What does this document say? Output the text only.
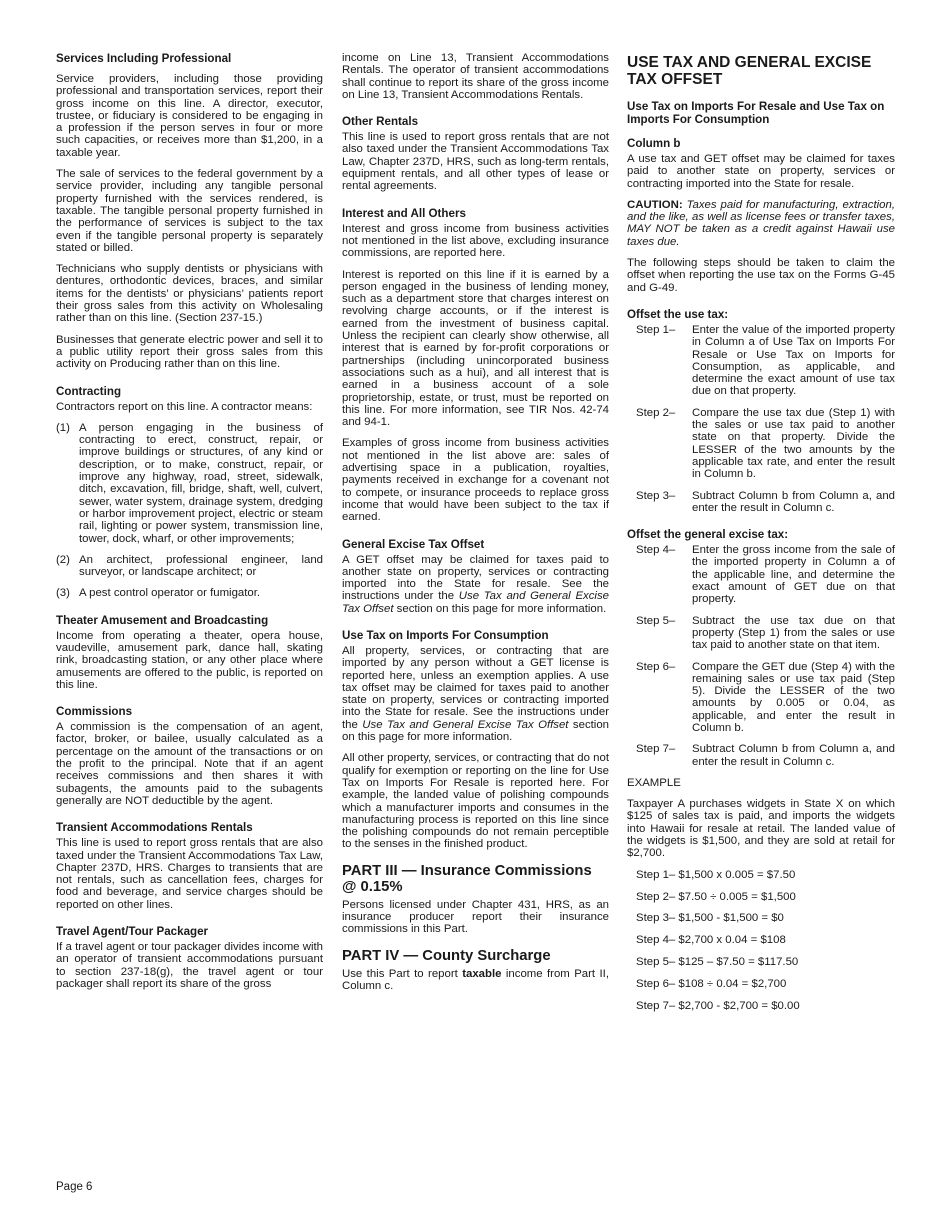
Services Including Professional

Service providers, including those providing professional and transportation services, report their gross income on this line. A director, executor, trustee, or fiduciary is considered to be engaging in a profession if the person serves in four or more such capacities, or receives more than $1,200, in a taxable year.

The sale of services to the federal government by a service provider, including any tangible personal property furnished with the services rendered, is taxable. The tangible personal property furnished in the performance of services is subject to the tax even if the tangible personal property is separately stated or billed.

Technicians who supply dentists or physicians with dentures, orthodontic devices, braces, and similar items for the dentists’ or physicians’ patients report their gross sales from this activity on Wholesaling rather than on this line. (Section 237-15.)

Businesses that generate electric power and sell it to a public utility report their gross sales from this activity on Producing rather than on this line.

Contracting

Contractors report on this line. A contractor means:

(1) A person engaging in the business of contracting to erect, construct, repair, or improve buildings or structures, of any kind or description, or to make, construct, repair, or improve any highway, road, street, sidewalk, ditch, excavation, fill, bridge, shaft, well, culvert, sewer, water system, drainage system, dredging or harbor improvement project, electric or steam rail, lighting or power system, transmission line, tower, dock, wharf, or other improvements;
(2) An architect, professional engineer, land surveyor, or landscape architect; or
(3) A pest control operator or fumigator.
Theater Amusement and Broadcasting

Income from operating a theater, opera house, vaudeville, amusement park, dance hall, skating rink, broadcasting station, or any other place where amusements are offered to the public, is reported on this line.

Commissions

A commission is the compensation of an agent, factor, broker, or bailee, usually calculated as a percentage on the amount of the transactions or on the profit to the principal. Note that if an agent receives commissions and then shares it with subagents, the amounts paid to the subagents generally are NOT deductible by the agent.

Transient Accommodations Rentals

This line is used to report gross rentals that are also taxed under the Transient Accommodations Tax Law, Chapter 237D, HRS. Charges to transients that are not rentals, such as cancellation fees, charges for food and beverage, and service charges should be reported on other lines.

Travel Agent/Tour Packager

If a travel agent or tour packager divides income with an operator of transient accommodations pursuant to section 237-18(g), the travel agent or tour packager shall report its share of the gross

income on Line 13, Transient Accommodations Rentals. The operator of transient accommodations shall continue to report its share of the gross income on Line 13, Transient Accommodations Rentals.

Other Rentals

This line is used to report gross rentals that are not also taxed under the Transient Accommodations Tax Law, Chapter 237D, HRS, such as long-term rentals, equipment rentals, and all other types of lease or rental agreements.

Interest and All Others

Interest and gross income from business activities not mentioned in the list above, excluding insurance commissions, are reported here.

Interest is reported on this line if it is earned by a person engaged in the business of lending money, such as a department store that charges interest on revolving charge accounts, or if the interest is earned from the investment of business capital. Unless the recipient can clearly show otherwise, all interest that is earned by for-profit corporations or partnerships (including unincorporated business associations such as a hui), and all interest that is earned in a business account of a sole proprietorship, estate, or trust, must be reported on this line. For more information, see TIR Nos. 42-74 and 94-1.

Examples of gross income from business activities not mentioned in the list above are: sales of advertising space in a publication, royalties, payments received in exchange for a covenant not to compete, or insurance proceeds to replace gross income that would have been subject to the tax if earned.

General Excise Tax Offset

A GET offset may be claimed for taxes paid to another state on property, services or contracting imported into the State for resale. See the instructions under the Use Tax and General Excise Tax Offset section on this page for more information.

Use Tax on Imports For Consumption

All property, services, or contracting that are imported by any person without a GET license is reported here, unless an exemption applies. A use tax offset may be claimed for taxes paid to another state on property, services or contracting imported into the State for resale. See the instructions under the Use Tax and General Excise Tax Offset section on this page for more information.

All other property, services, or contracting that do not qualify for exemption or reporting on the line for Use Tax on Imports For Resale is reported here. For example, the landed value of polishing compounds which a manufacturer imports and consumes in the manufacturing process is reported on this line since the polishing compounds do not remain perceptible to the senses in the finished product.

PART III — Insurance Commissions @ 0.15%

Persons licensed under Chapter 431, HRS, as an insurance producer report their insurance commissions in this Part.

PART IV — County Surcharge

Use this Part to report taxable income from Part II, Column c.

USE TAX AND GENERAL EXCISE TAX OFFSET
Use Tax on Imports For Resale and Use Tax on Imports For Consumption
Column b

A use tax and GET offset may be claimed for taxes paid to another state on property, services or contracting imported into the State for resale.

CAUTION: Taxes paid for manufacturing, extraction, and the like, as well as license fees or transfer taxes, MAY NOT be taken as a credit against Hawaii use taxes due.

The following steps should be taken to claim the offset when reporting the use tax on the Forms G-45 and G-49.

Offset the use tax:
Step 1–	Enter the value of the imported property in Column a of Use Tax on Imports For Resale or Use Tax on Imports for Consumption, as applicable, and determine the exact amount of use tax due on that property.
Step 2–	Compare the use tax due (Step 1) with the sales or use tax paid to another state on that property. Divide the LESSER of the two amounts by the applicable tax rate, and enter the result in Column b.
Step 3–	Subtract Column b from Column a, and enter the result in Column c.
Offset the general excise tax:
Step 4–	Enter the gross income from the sale of the imported property in Column a of the applicable line, and determine the exact amount of GET due on that property.
Step 5–	Subtract the use tax due on that property (Step 1) from the sales or use tax paid to another state on that item.
Step 6–	Compare the GET due (Step 4) with the remaining sales or use tax paid (Step 5). Divide the LESSER of the two amounts by 0.005 or 0.04, as applicable, and enter the result in Column b.
Step 7–	Subtract Column b from Column a, and enter the result in Column c.

EXAMPLE

Taxpayer A purchases widgets in State X on which $125 of sales tax is paid, and imports the widgets into Hawaii for resale at retail. The landed value of the widgets is $1,500, and they are sold at retail for $2,700.

Step 1– $1,500 x 0.005 = $7.50
Step 2– $7.50 ÷ 0.005 = $1,500
Step 3– $1,500 - $1,500 = $0
Step 4– $2,700 x 0.04 = $108
Step 5– $125 – $7.50 = $117.50
Step 6– $108 ÷ 0.04 = $2,700
Step 7– $2,700 - $2,700 = $0.00
Page 6
